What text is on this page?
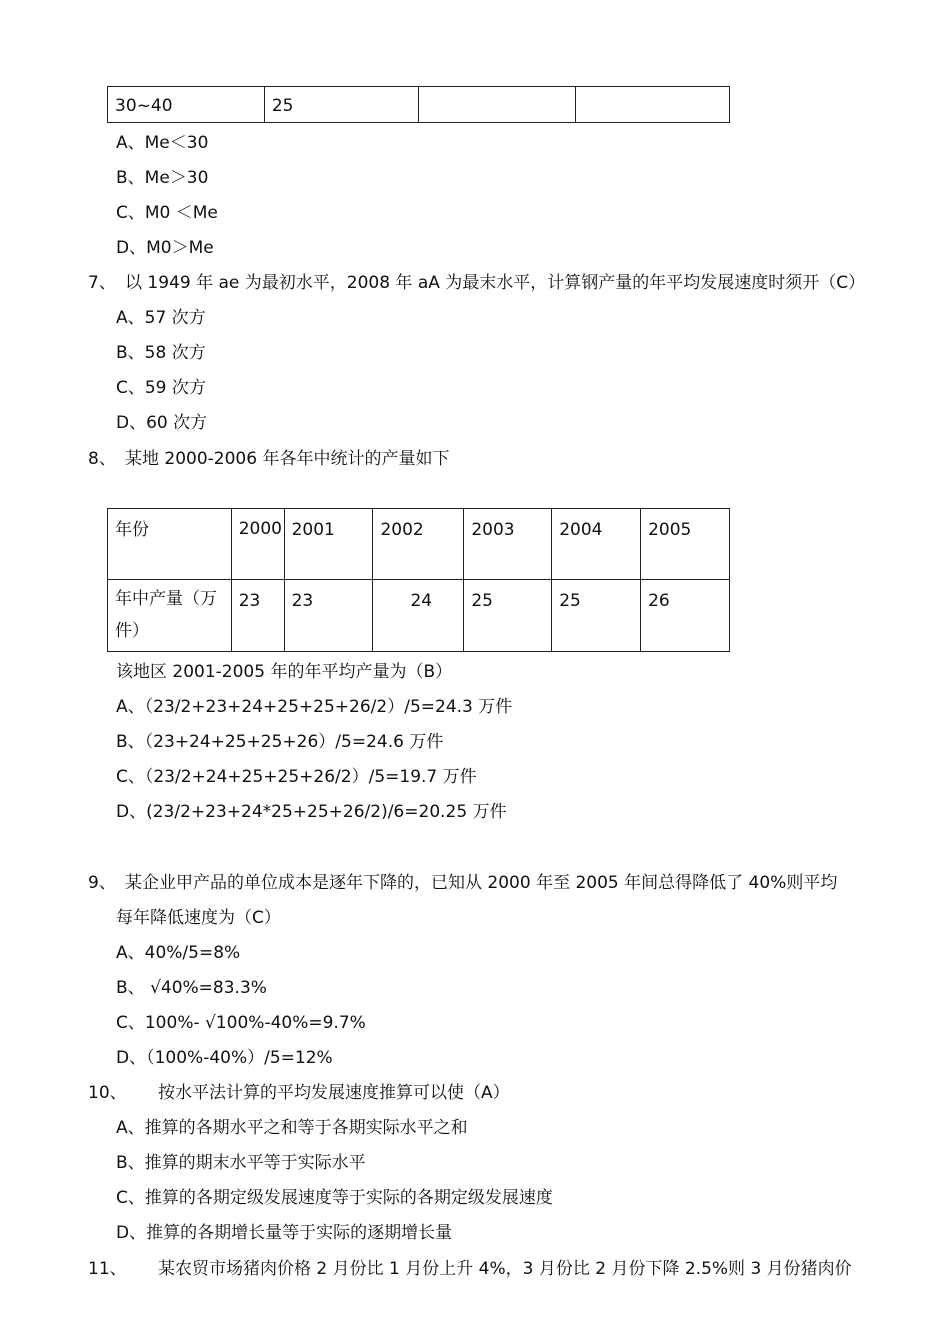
30~40	25		
A、Me＜30
B、Me＞30
C、M0 ＜Me
D、M0＞Me
7、 以 1949 年 ae 为最初水平，2008 年 aA 为最末水平，计算钢产量的年平均发展速度时须开（C）
A、57 次方
B、58 次方
C、59 次方
D、60 次方
8、 某地 2000-2006 年各年中统计的产量如下
年份	2000	2001	2002	2003	2004	2005
年中产量（万件）	23	23	24	25	25	26
该地区 2001-2005 年的年平均产量为（B）
A、（23/2+23+24+25+25+26/2）/5=24.3 万件
B、（23+24+25+25+26）/5=24.6 万件
C、（23/2+24+25+25+26/2）/5=19.7 万件
D、(23/2+23+24*25+25+26/2)/6=20.25 万件
9、 某企业甲产品的单位成本是逐年下降的，已知从 2000 年至 2005 年间总得降低了 40%则平均
每年降低速度为（C）
A、40%/5=8%
B、 √40%=83.3%
C、100%- √100%-40%=9.7%
D、（100%-40%）/5=12%
10、 按水平法计算的平均发展速度推算可以使（A）
A、推算的各期水平之和等于各期实际水平之和
B、推算的期末水平等于实际水平
C、推算的各期定级发展速度等于实际的各期定级发展速度
D、推算的各期增长量等于实际的逐期增长量
11、 某农贸市场猪肉价格 2 月份比 1 月份上升 4%，3 月份比 2 月份下降 2.5%则 3 月份猪肉价
